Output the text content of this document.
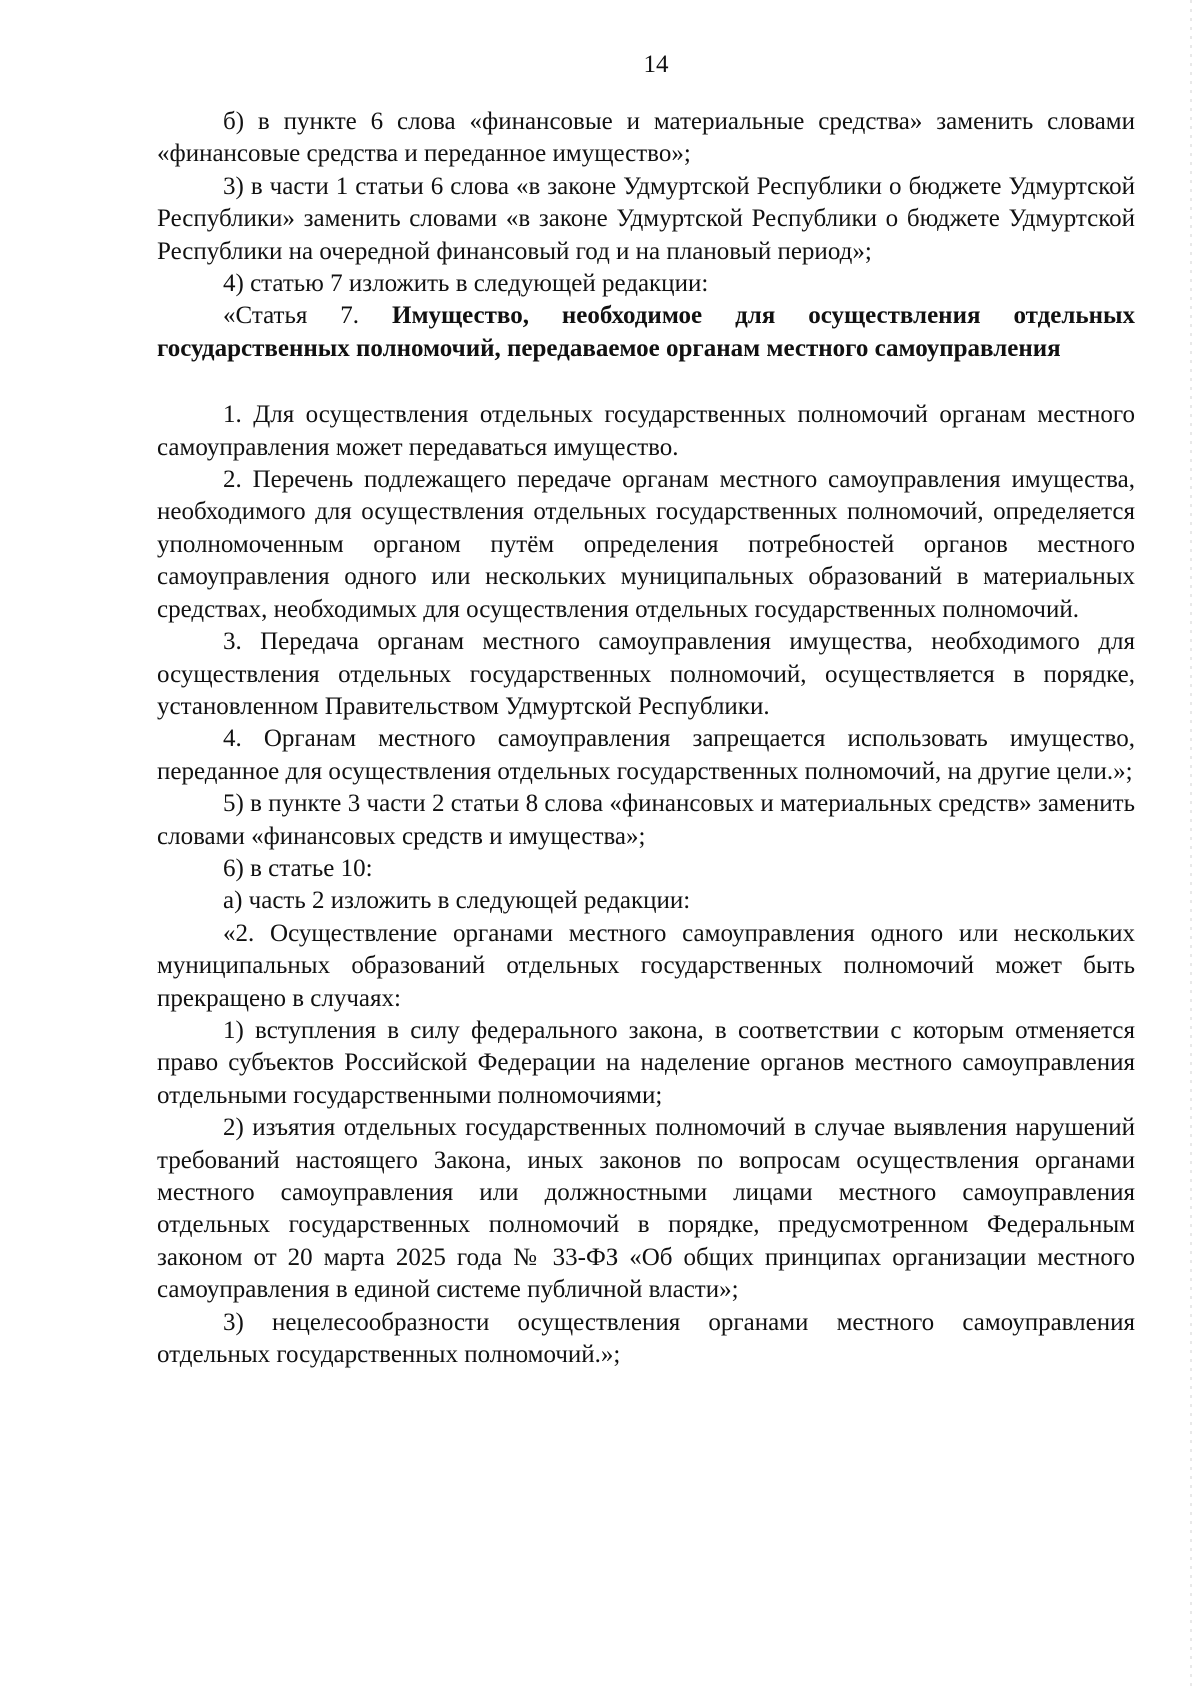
14

б) в пункте 6 слова «финансовые и материальные средства» заменить словами «финансовые средства и переданное имущество»;

3) в части 1 статьи 6 слова «в законе Удмуртской Республики о бюджете Удмуртской Республики» заменить словами «в законе Удмуртской Республики о бюджете Удмуртской Республики на очередной финансовый год и на плановый период»;

4) статью 7 изложить в следующей редакции:

«Статья 7. Имущество, необходимое для осуществления отдельных государственных полномочий, передаваемое органам местного самоуправления

1. Для осуществления отдельных государственных полномочий органам местного самоуправления может передаваться имущество.

2. Перечень подлежащего передаче органам местного самоуправления имущества, необходимого для осуществления отдельных государственных полномочий, определяется уполномоченным органом путём определения потребностей органов местного самоуправления одного или нескольких муниципальных образований в материальных средствах, необходимых для осуществления отдельных государственных полномочий.

3. Передача органам местного самоуправления имущества, необходимого для осуществления отдельных государственных полномочий, осуществляется в порядке, установленном Правительством Удмуртской Республики.

4. Органам местного самоуправления запрещается использовать имущество, переданное для осуществления отдельных государственных полномочий, на другие цели.»;

5) в пункте 3 части 2 статьи 8 слова «финансовых и материальных средств» заменить словами «финансовых средств и имущества»;

6) в статье 10:

а) часть 2 изложить в следующей редакции:

«2. Осуществление органами местного самоуправления одного или нескольких муниципальных образований отдельных государственных полномочий может быть прекращено в случаях:

1) вступления в силу федерального закона, в соответствии с которым отменяется право субъектов Российской Федерации на наделение органов местного самоуправления отдельными государственными полномочиями;

2) изъятия отдельных государственных полномочий в случае выявления нарушений требований настоящего Закона, иных законов по вопросам осуществления органами местного самоуправления или должностными лицами местного самоуправления отдельных государственных полномочий в порядке, предусмотренном Федеральным законом от 20 марта 2025 года № 33-ФЗ «Об общих принципах организации местного самоуправления в единой системе публичной власти»;

3) нецелесообразности осуществления органами местного самоуправления отдельных государственных полномочий.»;
